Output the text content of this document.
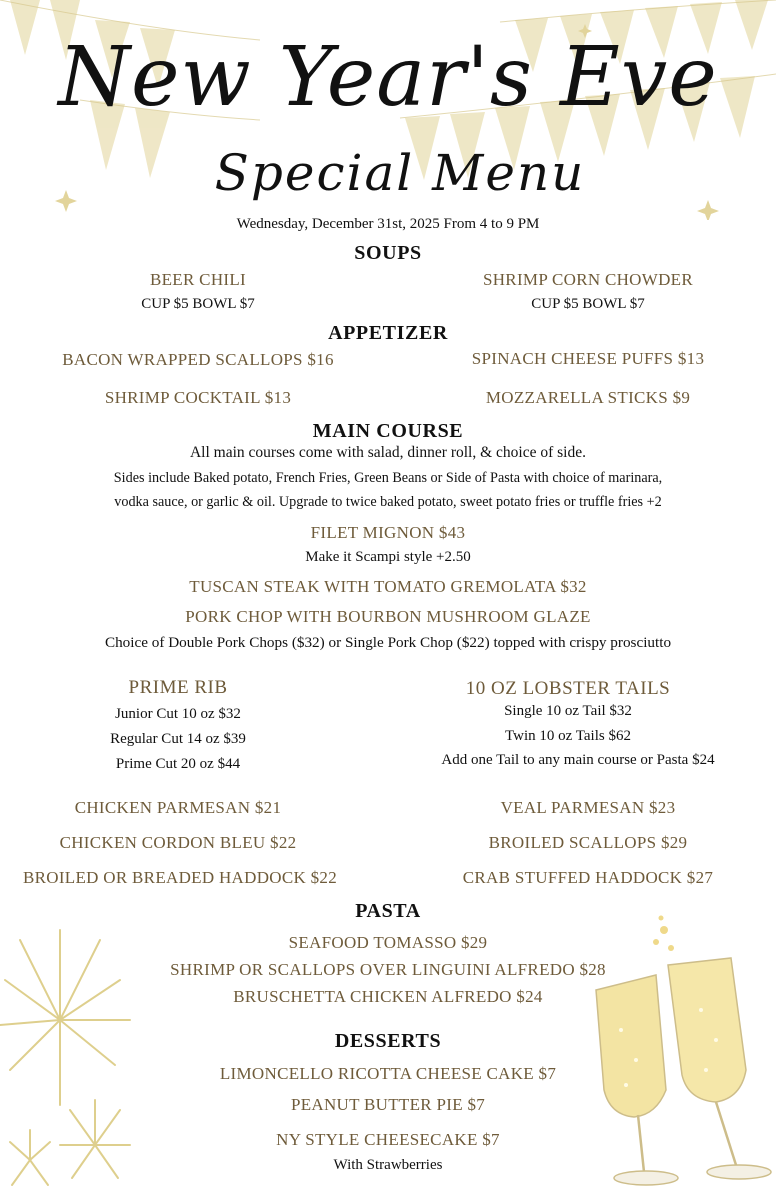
New Year's Eve
Special Menu
Wednesday, December 31st, 2025 From 4 to 9 PM
SOUPS
BEER CHILI
CUP $5 BOWL $7
SHRIMP CORN CHOWDER
CUP $5 BOWL $7
APPETIZER
BACON WRAPPED SCALLOPS $16	SPINACH CHEESE PUFFS $13
SHRIMP COCKTAIL $13	MOZZARELLA STICKS $9
MAIN COURSE
All main courses come with salad, dinner roll, & choice of side.
Sides include Baked potato, French Fries, Green Beans or Side of Pasta with choice of marinara,
vodka sauce, or garlic & oil. Upgrade to twice baked potato, sweet potato fries or truffle fries +2
FILET MIGNON $43
Make it Scampi style +2.50
TUSCAN STEAK WITH TOMATO GREMOLATA $32
PORK CHOP WITH BOURBON MUSHROOM GLAZE
Choice of Double Pork Chops ($32) or Single Pork Chop ($22) topped with crispy prosciutto
PRIME RIB
Junior Cut 10 oz $32
Regular Cut 14 oz $39
Prime Cut 20 oz $44
10 OZ LOBSTER TAILS
Single 10 oz Tail $32
Twin 10 oz Tails $62
Add one Tail to any main course or Pasta $24
CHICKEN PARMESAN $21	VEAL PARMESAN $23
CHICKEN CORDON BLEU $22	BROILED SCALLOPS $29
BROILED OR BREADED HADDOCK $22	CRAB STUFFED HADDOCK $27
PASTA
SEAFOOD TOMASSO $29
SHRIMP OR SCALLOPS OVER LINGUINI ALFREDO $28
BRUSCHETTA CHICKEN ALFREDO $24
DESSERTS
LIMONCELLO RICOTTA CHEESE CAKE $7
PEANUT BUTTER PIE $7
NY STYLE CHEESECAKE $7
With Strawberries
